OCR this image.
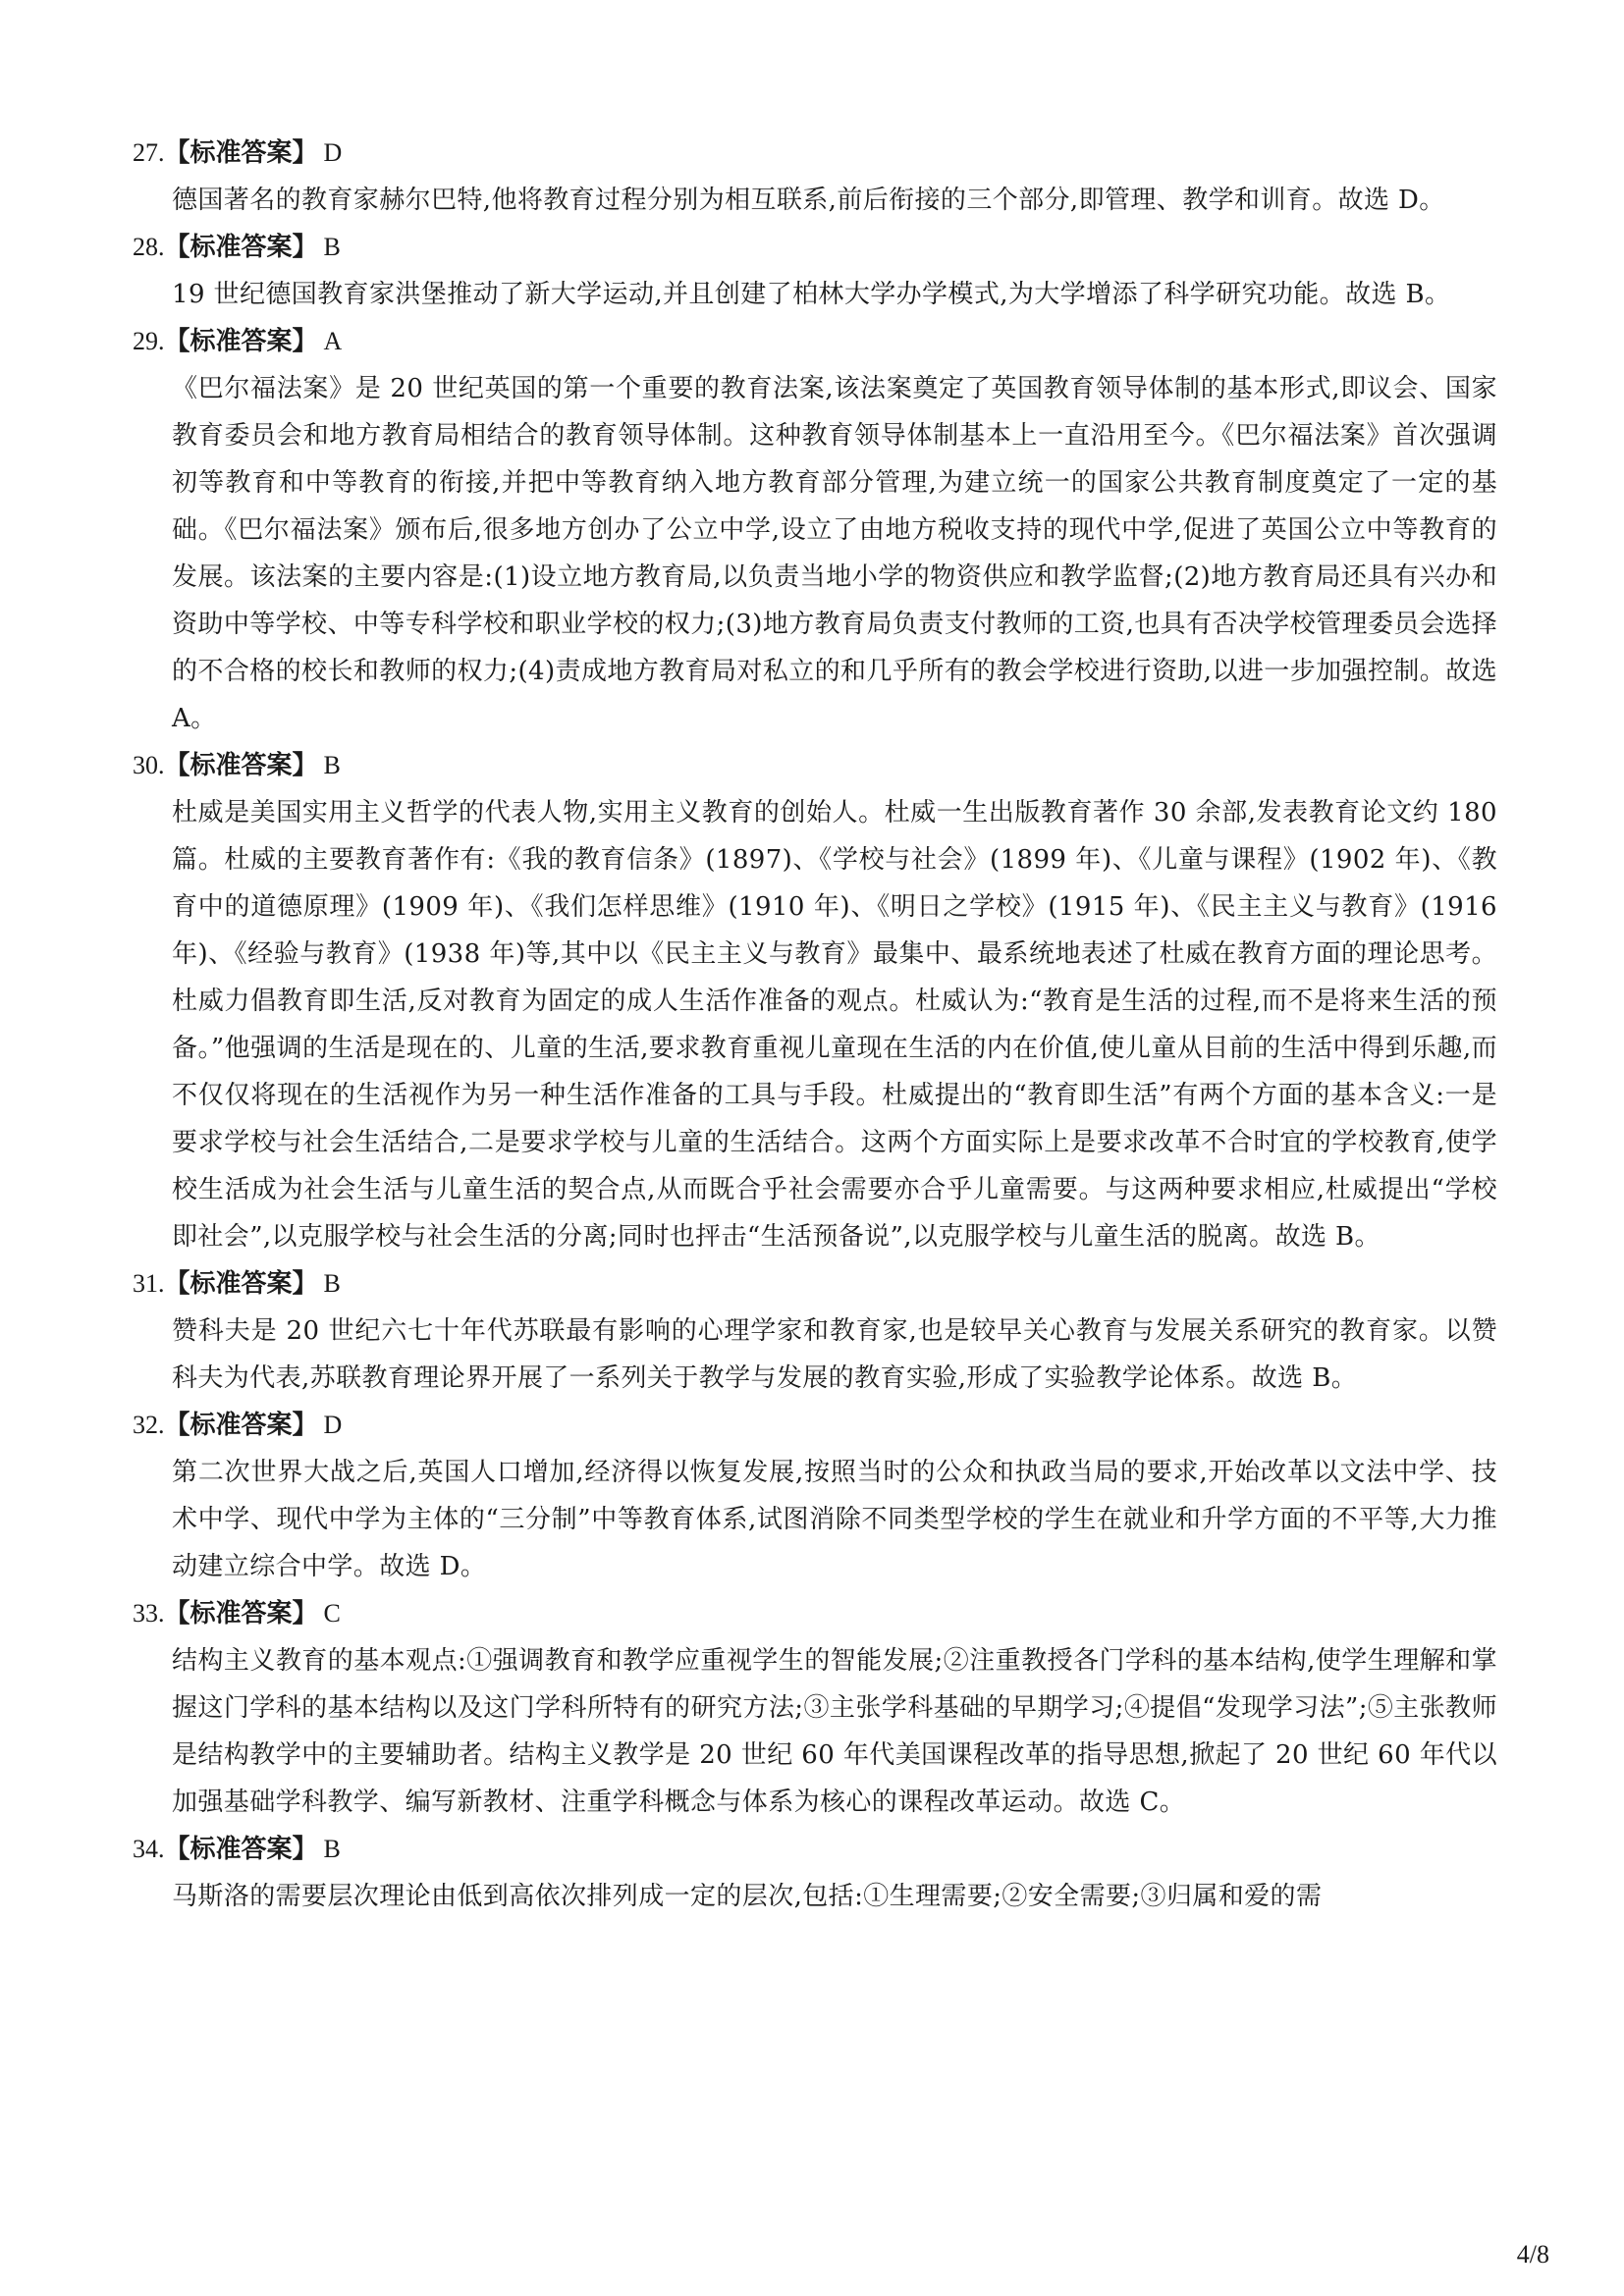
27.【标准答案】 D
德国著名的教育家赫尔巴特,他将教育过程分别为相互联系,前后衔接的三个部分,即管理、教学和训育。故选 D。
28.【标准答案】 B
19 世纪德国教育家洪堡推动了新大学运动,并且创建了柏林大学办学模式,为大学增添了科学研究功能。故选 B。
29.【标准答案】 A
《巴尔福法案》是 20 世纪英国的第一个重要的教育法案,该法案奠定了英国教育领导体制的基本形式,即议会、国家教育委员会和地方教育局相结合的教育领导体制。这种教育领导体制基本上一直沿用至今。《巴尔福法案》首次强调初等教育和中等教育的衔接,并把中等教育纳入地方教育部分管理,为建立统一的国家公共教育制度奠定了一定的基础。《巴尔福法案》颁布后,很多地方创办了公立中学,设立了由地方税收支持的现代中学,促进了英国公立中等教育的发展。该法案的主要内容是:(1)设立地方教育局,以负责当地小学的物资供应和教学监督;(2)地方教育局还具有兴办和资助中等学校、中等专科学校和职业学校的权力;(3)地方教育局负责支付教师的工资,也具有否决学校管理委员会选择的不合格的校长和教师的权力;(4)责成地方教育局对私立的和几乎所有的教会学校进行资助,以进一步加强控制。故选 A。
30.【标准答案】 B
杜威是美国实用主义哲学的代表人物,实用主义教育的创始人。杜威一生出版教育著作 30 余部,发表教育论文约 180 篇。杜威的主要教育著作有:《我的教育信条》(1897)、《学校与社会》(1899 年)、《儿童与课程》(1902 年)、《教育中的道德原理》(1909 年)、《我们怎样思维》(1910 年)、《明日之学校》(1915 年)、《民主主义与教育》(1916 年)、《经验与教育》(1938 年)等,其中以《民主主义与教育》最集中、最系统地表述了杜威在教育方面的理论思考。杜威力倡教育即生活,反对教育为固定的成人生活作准备的观点。杜威认为:“教育是生活的过程,而不是将来生活的预备。”他强调的生活是现在的、儿童的生活,要求教育重视儿童现在生活的内在价值,使儿童从目前的生活中得到乐趣,而不仅仅将现在的生活视作为另一种生活作准备的工具与手段。杜威提出的“教育即生活”有两个方面的基本含义:一是要求学校与社会生活结合,二是要求学校与儿童的生活结合。这两个方面实际上是要求改革不合时宜的学校教育,使学校生活成为社会生活与儿童生活的契合点,从而既合乎社会需要亦合乎儿童需要。与这两种要求相应,杜威提出“学校即社会”,以克服学校与社会生活的分离;同时也抨击“生活预备说”,以克服学校与儿童生活的脱离。故选 B。
31.【标准答案】 B
赞科夫是 20 世纪六七十年代苏联最有影响的心理学家和教育家,也是较早关心教育与发展关系研究的教育家。以赞科夫为代表,苏联教育理论界开展了一系列关于教学与发展的教育实验,形成了实验教学论体系。故选 B。
32.【标准答案】 D
第二次世界大战之后,英国人口增加,经济得以恢复发展,按照当时的公众和执政当局的要求,开始改革以文法中学、技术中学、现代中学为主体的“三分制”中等教育体系,试图消除不同类型学校的学生在就业和升学方面的不平等,大力推动建立综合中学。故选 D。
33.【标准答案】 C
结构主义教育的基本观点:①强调教育和教学应重视学生的智能发展;②注重教授各门学科的基本结构,使学生理解和掌握这门学科的基本结构以及这门学科所特有的研究方法;③主张学科基础的早期学习;④提倡“发现学习法”;⑤主张教师是结构教学中的主要辅助者。结构主义教学是 20 世纪 60 年代美国课程改革的指导思想,掀起了 20 世纪 60 年代以加强基础学科教学、编写新教材、注重学科概念与体系为核心的课程改革运动。故选 C。
34.【标准答案】 B
马斯洛的需要层次理论由低到高依次排列成一定的层次,包括:①生理需要;②安全需要;③归属和爱的需
4/8
